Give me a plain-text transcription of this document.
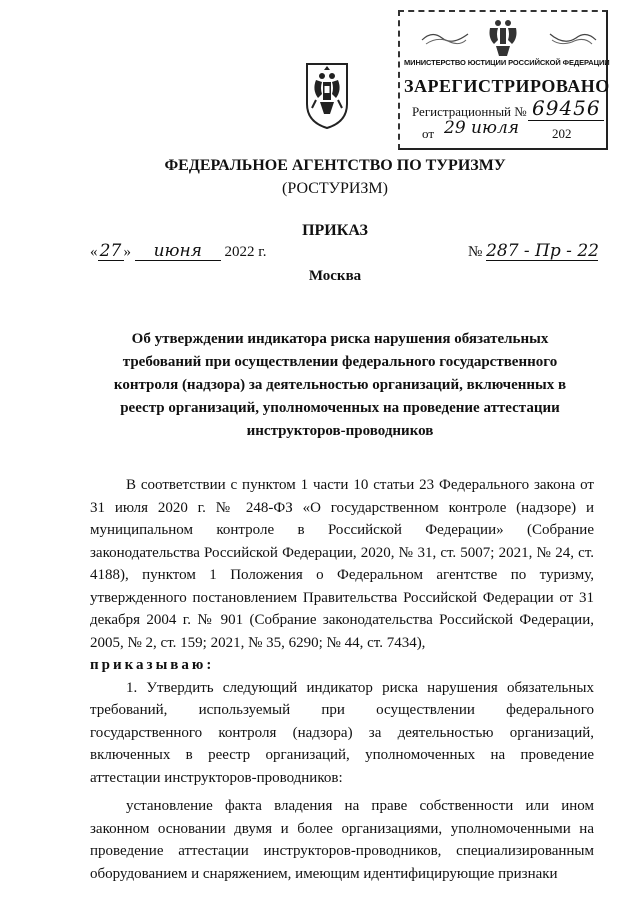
МИНИСТЕРСТВО ЮСТИЦИИ РОССИЙСКОЙ ФЕДЕРАЦИИ
ЗАРЕГИСТРИРОВАНО
Регистрационный № 69456
от 29 июля	202
ФЕДЕРАЛЬНОЕ АГЕНТСТВО ПО ТУРИЗМУ
(РОСТУРИЗМ)
ПРИКАЗ
« 27 » июня 2022 г.	№ 287 - Пр - 22
Москва
Об утверждении индикатора риска нарушения обязательных требований при осуществлении федерального государственного контроля (надзора) за деятельностью организаций, включенных в реестр организаций, уполномоченных на проведение аттестации инструкторов-проводников

В соответствии с пунктом 1 части 10 статьи 23 Федерального закона от 31 июля 2020 г. № 248-ФЗ «О государственном контроле (надзоре) и муниципальном контроле в Российской Федерации» (Собрание законодательства Российской Федерации, 2020, № 31, ст. 5007; 2021, № 24, ст. 4188), пунктом 1 Положения о Федеральном агентстве по туризму, утвержденного постановлением Правительства Российской Федерации от 31 декабря 2004 г. № 901 (Собрание законодательства Российской Федерации, 2005, № 2, ст. 159; 2021, № 35, 6290; № 44, ст. 7434),

приказываю:

1. Утвердить следующий индикатор риска нарушения обязательных требований, используемый при осуществлении федерального государственного контроля (надзора) за деятельностью организаций, включенных в реестр организаций, уполномоченных на проведение аттестации инструкторов-проводников:

установление факта владения на праве собственности или ином законном основании двумя и более организациями, уполномоченными на проведение аттестации инструкторов-проводников, специализированным оборудованием и снаряжением, имеющим идентифицирующие признаки
